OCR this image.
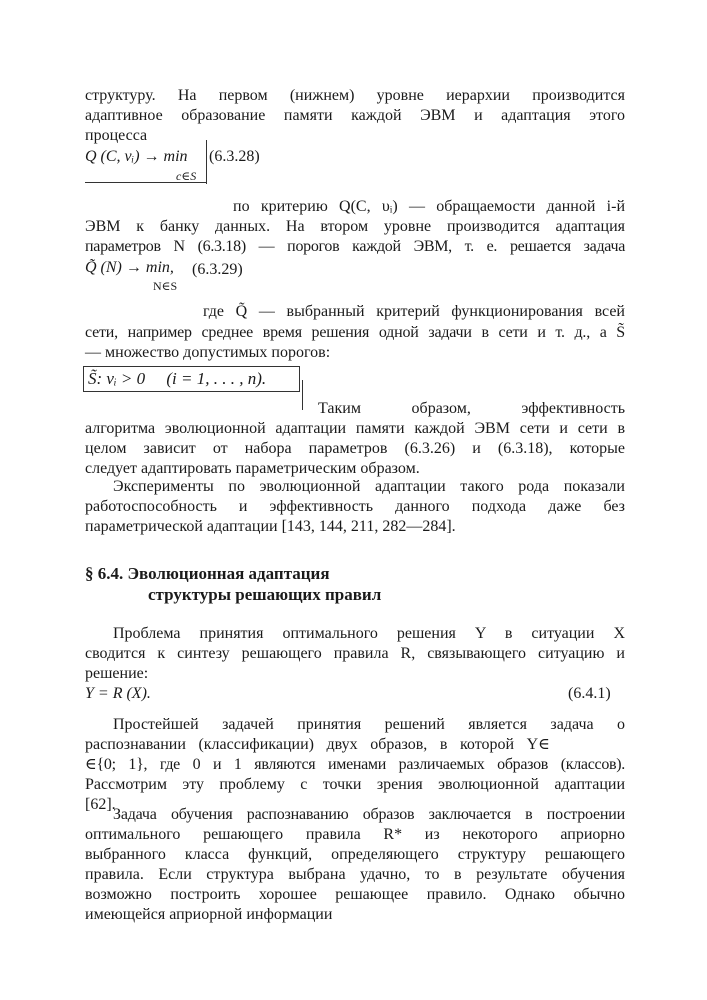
структуру. На первом (нижнем) уровне иерархии производится
адаптивное образование памяти каждой ЭВМ и адаптация этого
процесса
Q (C, νᵢ) → min (6.3.28)
c∈S
по критерию Q(C, υᵢ) — обращаемости данной i-й
ЭВМ к банку данных. На втором уровне производится адаптация
параметров N (6.3.18) — порогов каждой ЭВМ, т. е. решается задача
Q̃ (N) → min, (6.3.29)
N∈S
где Q̃ — выбранный критерий функционирования всей
сети, например среднее время решения одной задачи в сети и т. д., а S̃
— множество допустимых порогов:
S̃: νᵢ > 0     (i = 1, . . . , n).
Таким     образом,     эффективность
алгоритма эволюционной адаптации памяти каждой ЭВМ сети и сети в
целом зависит от набора параметров (6.3.26) и (6.3.18), которые
следует адаптировать параметрическим образом.
Эксперименты по эволюционной адаптации такого рода показали
работоспособность и эффективность данного подхода даже без
параметрической адаптации [143, 144, 211, 282—284].
§ 6.4. Эволюционная адаптация
структуры решающих правил
Проблема принятия оптимального решения Y в ситуации X
сводится к синтезу решающего правила R, связывающего ситуацию и
решение:
Y = R (X).	(6.4.1)
Простейшей задачей принятия решений является задача о
распознавании (классификации) двух образов, в которой Y∈
∈{0; 1}, где 0 и 1 являются именами различаемых образов (классов).
Рассмотрим эту проблему с точки зрения эволюционной адаптации
[62].
Задача обучения распознаванию образов заключается в построении
оптимального решающего правила R* из некоторого априорно
выбранного класса функций, определяющего структуру решающего
правила. Если структура выбрана удачно, то в результате обучения
возможно построить хорошее решающее правило. Однако обычно
имеющейся априорной информации
